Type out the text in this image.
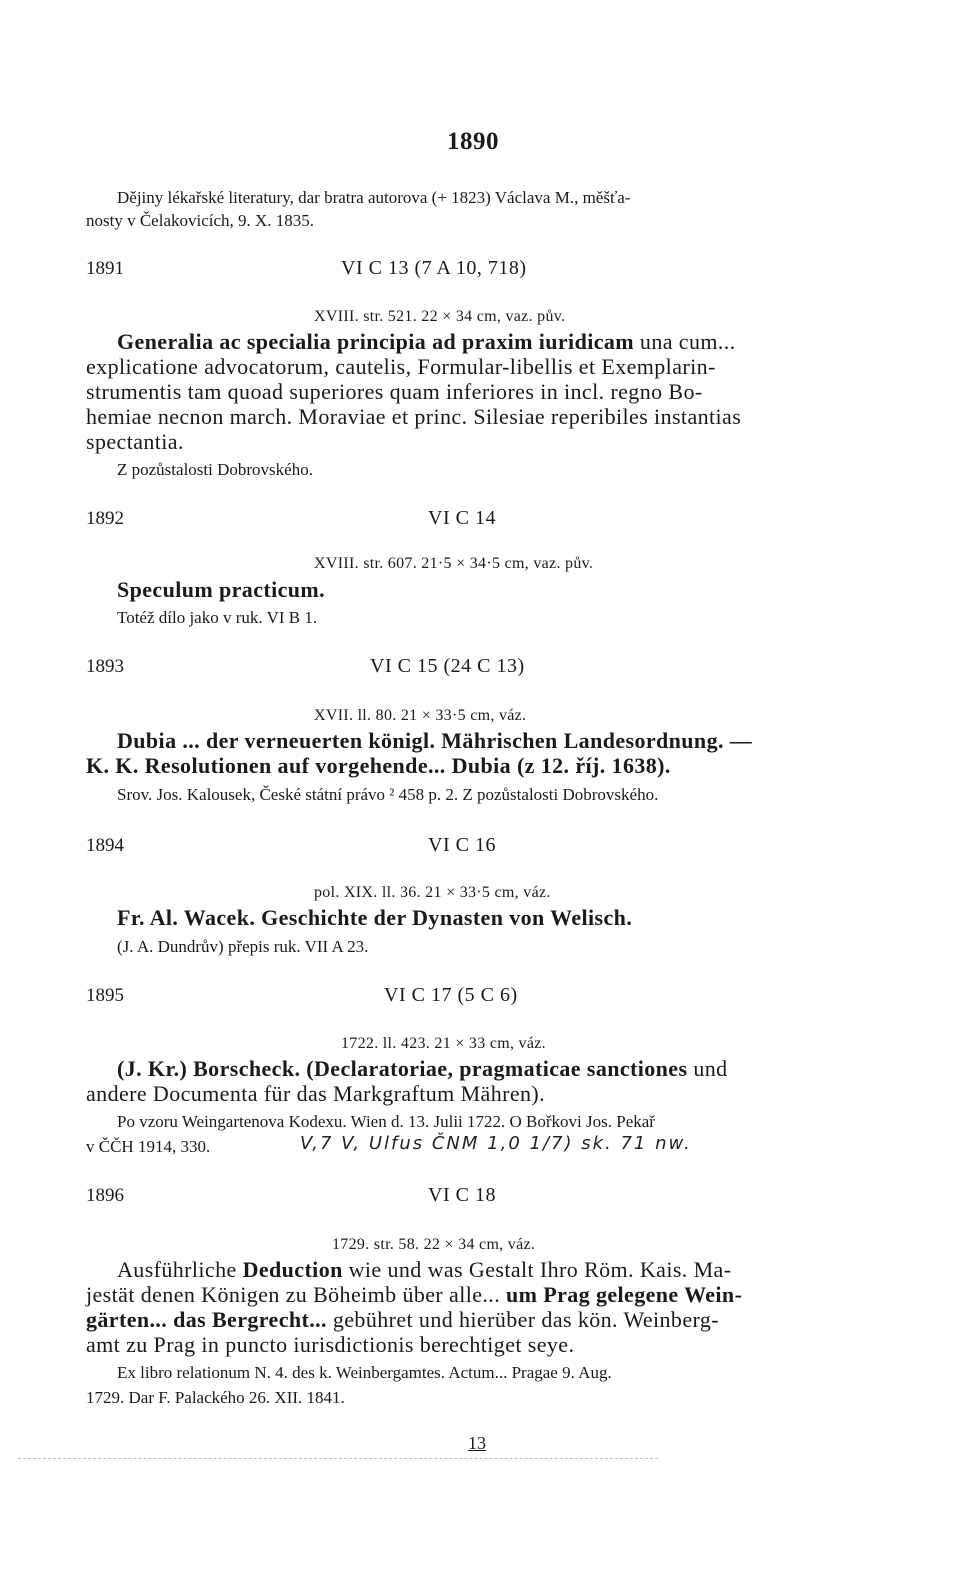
1890
Dějiny lékařské literatury, dar bratra autorova (+ 1823) Václava M., měšťa-
nosty v Čelakovicích, 9. X. 1835.
1891	VI C 13 (7 A 10, 718)
XVIII. str. 521. 22 × 34 cm, vaz. pův.
Generalia ac specialia principia ad praxim iuridicam una cum...
explicatione advocatorum, cautelis, Formular-libellis et Exemplarin-
strumentis tam quoad superiores quam inferiores in incl. regno Bo-
hemiae necnon march. Moraviae et princ. Silesiae reperibiles instantias
spectantia.
Z pozůstalosti Dobrovského.
1892	VI C 14
XVIII. str. 607. 21·5 × 34·5 cm, vaz. pův.
Speculum practicum.
Totéž dílo jako v ruk. VI B 1.
1893	VI C 15 (24 C 13)
XVII. ll. 80. 21 × 33·5 cm, váz.
Dubia ... der verneuerten königl. Mährischen Landesordnung. —
K. K. Resolutionen auf vorgehende... Dubia (z 12. říj. 1638).
Srov. Jos. Kalousek, České státní právo ² 458 p. 2. Z pozůstalosti Dobrovského.
1894	VI C 16
pol. XIX. ll. 36. 21 × 33·5 cm, váz.
Fr. Al. Wacek. Geschichte der Dynasten von Welisch.
(J. A. Dundrův) přepis ruk. VII A 23.
1895	VI C 17 (5 C 6)
1722. ll. 423. 21 × 33 cm, váz.
(J. Kr.) Borscheck. (Declaratoriae, pragmaticae sanctiones und
andere Documenta für das Markgraftum Mähren).
Po vzoru Weingartenova Kodexu. Wien d. 13. Julii 1722. O Bořkovi Jos. Pekař
v ČČH 1914, 330.	V,7 V, Ulfus ČNM 1,0 1/7) sk. 71 nw.
1896	VI C 18
1729. str. 58. 22 × 34 cm, váz.
Ausführliche Deduction wie und was Gestalt Ihro Röm. Kais. Ma-
jestät denen Königen zu Böheimb über alle... um Prag gelegene Wein-
gärten... das Bergrecht... gebühret und hierüber das kön. Weinberg-
amt zu Prag in puncto iurisdictionis berechtiget seye.
Ex libro relationum N. 4. des k. Weinbergamtes. Actum... Pragae 9. Aug.
1729. Dar F. Palackého 26. XII. 1841.
13
